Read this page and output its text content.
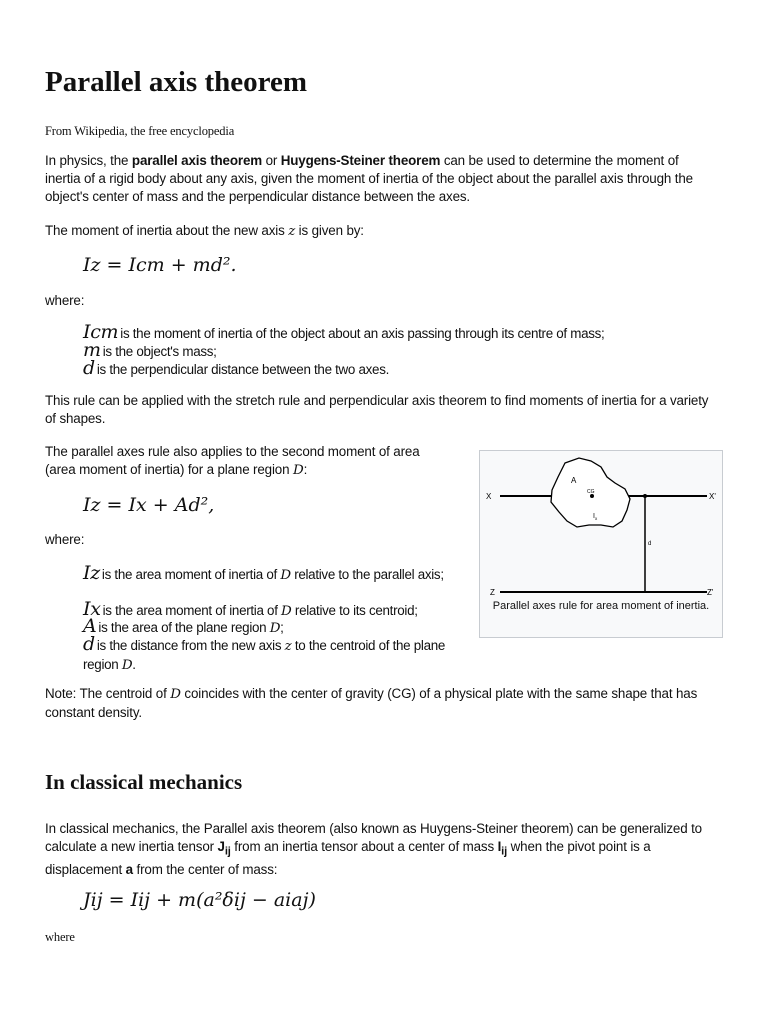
Parallel axis theorem

From Wikipedia, the free encyclopedia

In physics, the parallel axis theorem or Huygens-Steiner theorem can be used to determine the moment of inertia of a rigid body about any axis, given the moment of inertia of the object about the parallel axis through the object's center of mass and the perpendicular distance between the axes.

The moment of inertia about the new axis z is given by:

Iz = Icm + md².

where:

Icm is the moment of inertia of the object about an axis passing through its centre of mass;
m is the object's mass;
d is the perpendicular distance between the two axes.

This rule can be applied with the stretch rule and perpendicular axis theorem to find moments of inertia for a variety of shapes.

The parallel axes rule also applies to the second moment of area (area moment of inertia) for a plane region D:

Iz = Ix + Ad²,

where:

Iz is the area moment of inertia of D relative to the parallel axis;
Ix is the area moment of inertia of D relative to its centroid;
A is the area of the plane region D;
d is the distance from the new axis z to the centroid of the plane region D.
X	X'
Z	Z'
A
CG
$I_x$
d
Parallel axes rule for area moment of inertia.

Note: The centroid of D coincides with the center of gravity (CG) of a physical plate with the same shape that has constant density.

In classical mechanics

In classical mechanics, the Parallel axis theorem (also known as Huygens-Steiner theorem) can be generalized to calculate a new inertia tensor $J_{ij}$ from an inertia tensor about a center of mass $I_{ij}$ when the pivot point is a displacement a from the center of mass:

Jij = Iij + m(a²δij − aiaj)

where
